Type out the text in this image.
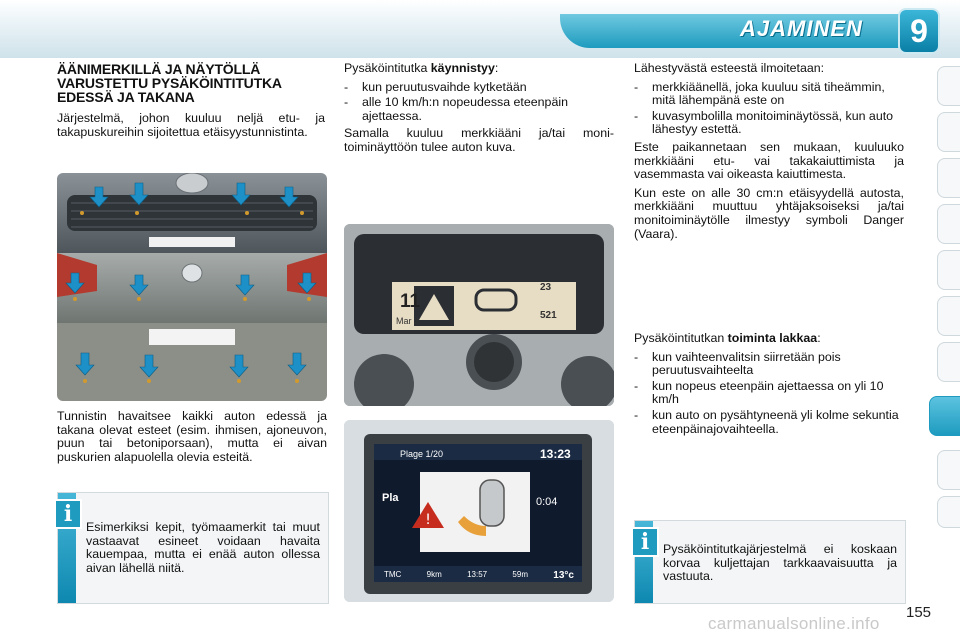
AJAMINEN	9
ÄÄNIMERKILLÄ JA NÄYTÖLLÄ VARUSTETTU PYSÄKÖINTITUTKA EDESSÄ JA TAKANA

Järjestelmä, johon kuuluu neljä etu- ja takapuskureihin sijoitettua etäisyystunnistinta.

Tunnistin havaitsee kaikki auton edessä ja takana olevat esteet (esim. ihmisen, ajoneuvon, puun tai betoniporsaan), mutta ei aivan puskurien alapuolella olevia esteitä.

i	Esimerkiksi kepit, työmaamerkit tai muut vastaavat esineet voidaan havaita kauempaa, mutta ei enää auton ollessa aivan lähellä niitä.

Pysäköintitutka käynnistyy:

- kun peruutusvaihde kytketään
- alle 10 km/h:n nopeudessa eteenpäin ajettaessa.

Samalla kuuluu merkkiääni ja/tai monitoiminäyttöön tulee auton kuva.

11
Mar 2
23
521
!
Plage 1/20	13:23
Pla	0:04
TMC	9km	13:57	59m	13°c

Lähestyvästä esteestä ilmoitetaan:

- merkkiäänellä, joka kuuluu sitä tiheämmin, mitä lähempänä este on
- kuvasymbolilla monitoiminäytössä, kun auto lähestyy estettä.

Este paikannetaan sen mukaan, kuuluuko merkkiääni etu- vai takakaiuttimista ja vasemmasta vai oikeasta kaiuttimesta.

Kun este on alle 30 cm:n etäisyydellä autosta, merkkiääni muuttuu yhtäjaksoiseksi ja/tai monitoiminäytölle ilmestyy symboli Danger (Vaara).

Pysäköintitutkan toiminta lakkaa:

- kun vaihteenvalitsin siirretään pois peruutusvaihteelta
- kun nopeus eteenpäin ajettaessa on yli 10 km/h
- kun auto on pysähtyneenä yli kolme sekuntia eteenpäinajovaihteella.
i	Pysäköintitutkajärjestelmä ei koskaan korvaa kuljettajan tarkkaavaisuutta ja vastuuta.
carmanualsonline.info
155
